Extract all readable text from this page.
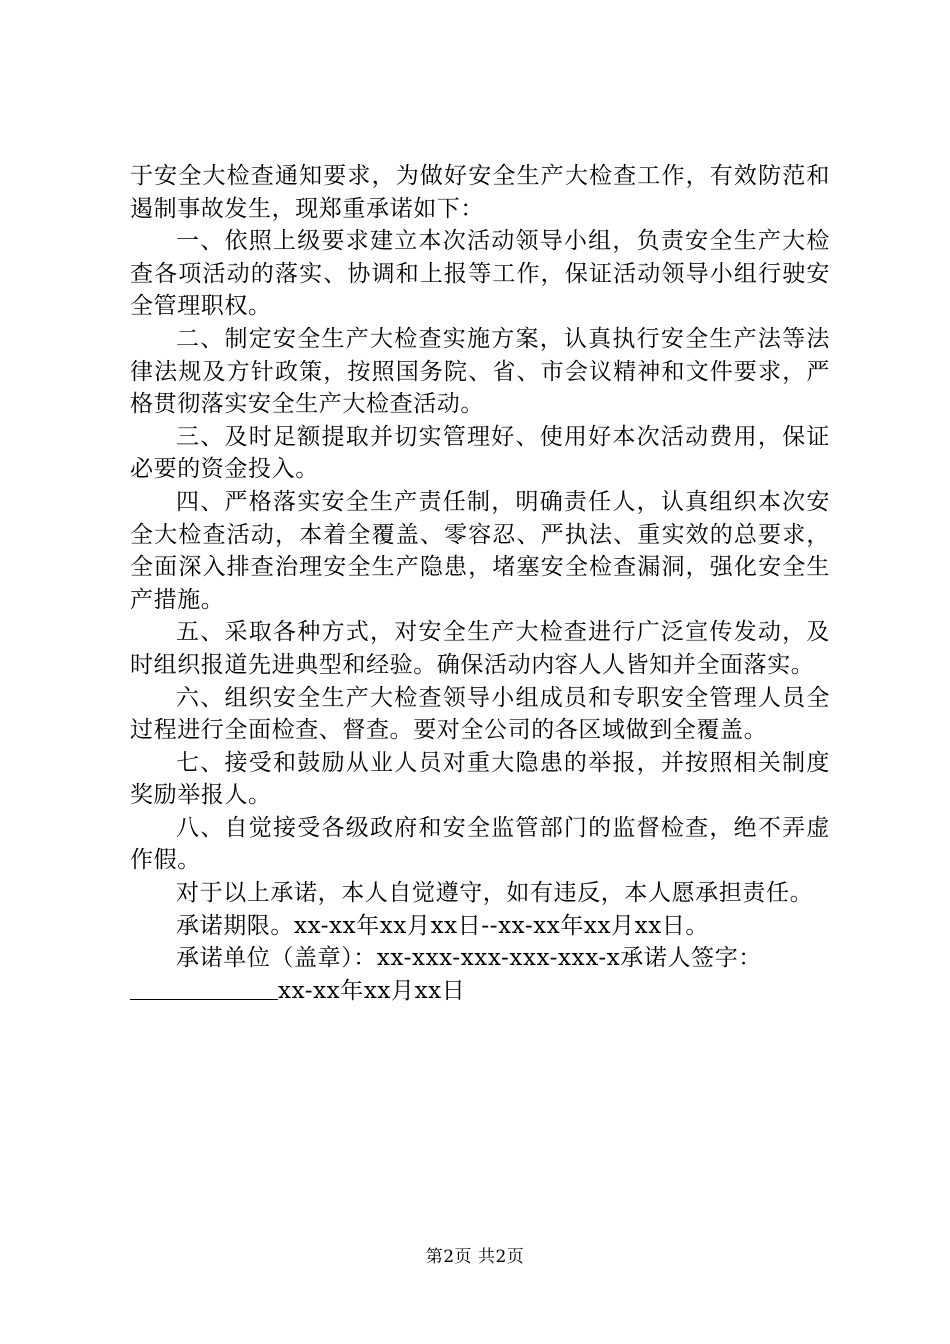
于安全大检查通知要求，为做好安全生产大检查工作，有效防范和遏制事故发生，现郑重承诺如下：

一、依照上级要求建立本次活动领导小组，负责安全生产大检查各项活动的落实、协调和上报等工作，保证活动领导小组行驶安全管理职权。

二、制定安全生产大检查实施方案，认真执行安全生产法等法律法规及方针政策，按照国务院、省、市会议精神和文件要求，严格贯彻落实安全生产大检查活动。

三、及时足额提取并切实管理好、使用好本次活动费用，保证必要的资金投入。

四、严格落实安全生产责任制，明确责任人，认真组织本次安全大检查活动，本着全覆盖、零容忍、严执法、重实效的总要求，全面深入排查治理安全生产隐患，堵塞安全检查漏洞，强化安全生产措施。

五、采取各种方式，对安全生产大检查进行广泛宣传发动，及时组织报道先进典型和经验。确保活动内容人人皆知并全面落实。

六、组织安全生产大检查领导小组成员和专职安全管理人员全过程进行全面检查、督查。要对全公司的各区域做到全覆盖。

七、接受和鼓励从业人员对重大隐患的举报，并按照相关制度奖励举报人。

八、自觉接受各级政府和安全监管部门的监督检查，绝不弄虚作假。

对于以上承诺，本人自觉遵守，如有违反，本人愿承担责任。

承诺期限。xx-xx年xx月xx日--xx-xx年xx月xx日。

承诺单位（盖章）：xx-xxx-xxx-xxx-xxx-x承诺人签字：

xx-xx年xx月xx日

第2页 共2页
